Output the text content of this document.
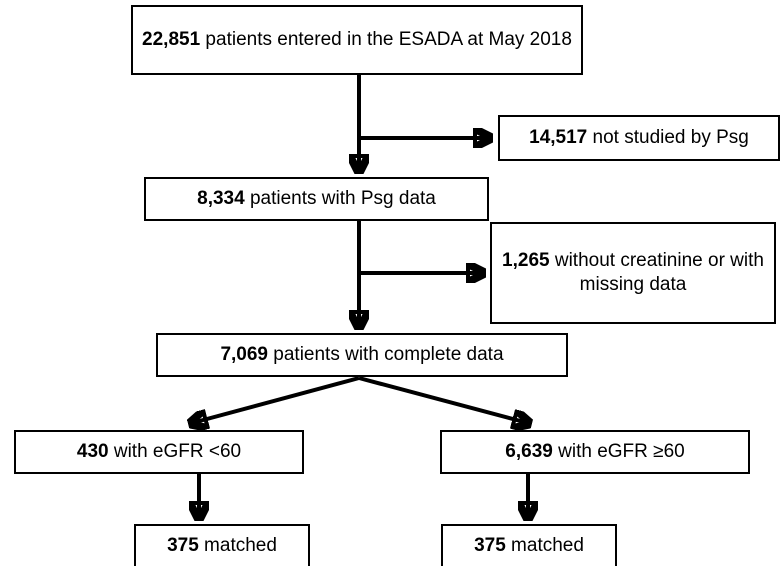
22,851 patients entered in the ESADA at May 2018
14,517 not studied by Psg
8,334 patients with Psg data
1,265 without creatinine or with missing data
7,069 patients with complete data
430 with eGFR <60	6,639 with eGFR ≥60
375 matched	375 matched
